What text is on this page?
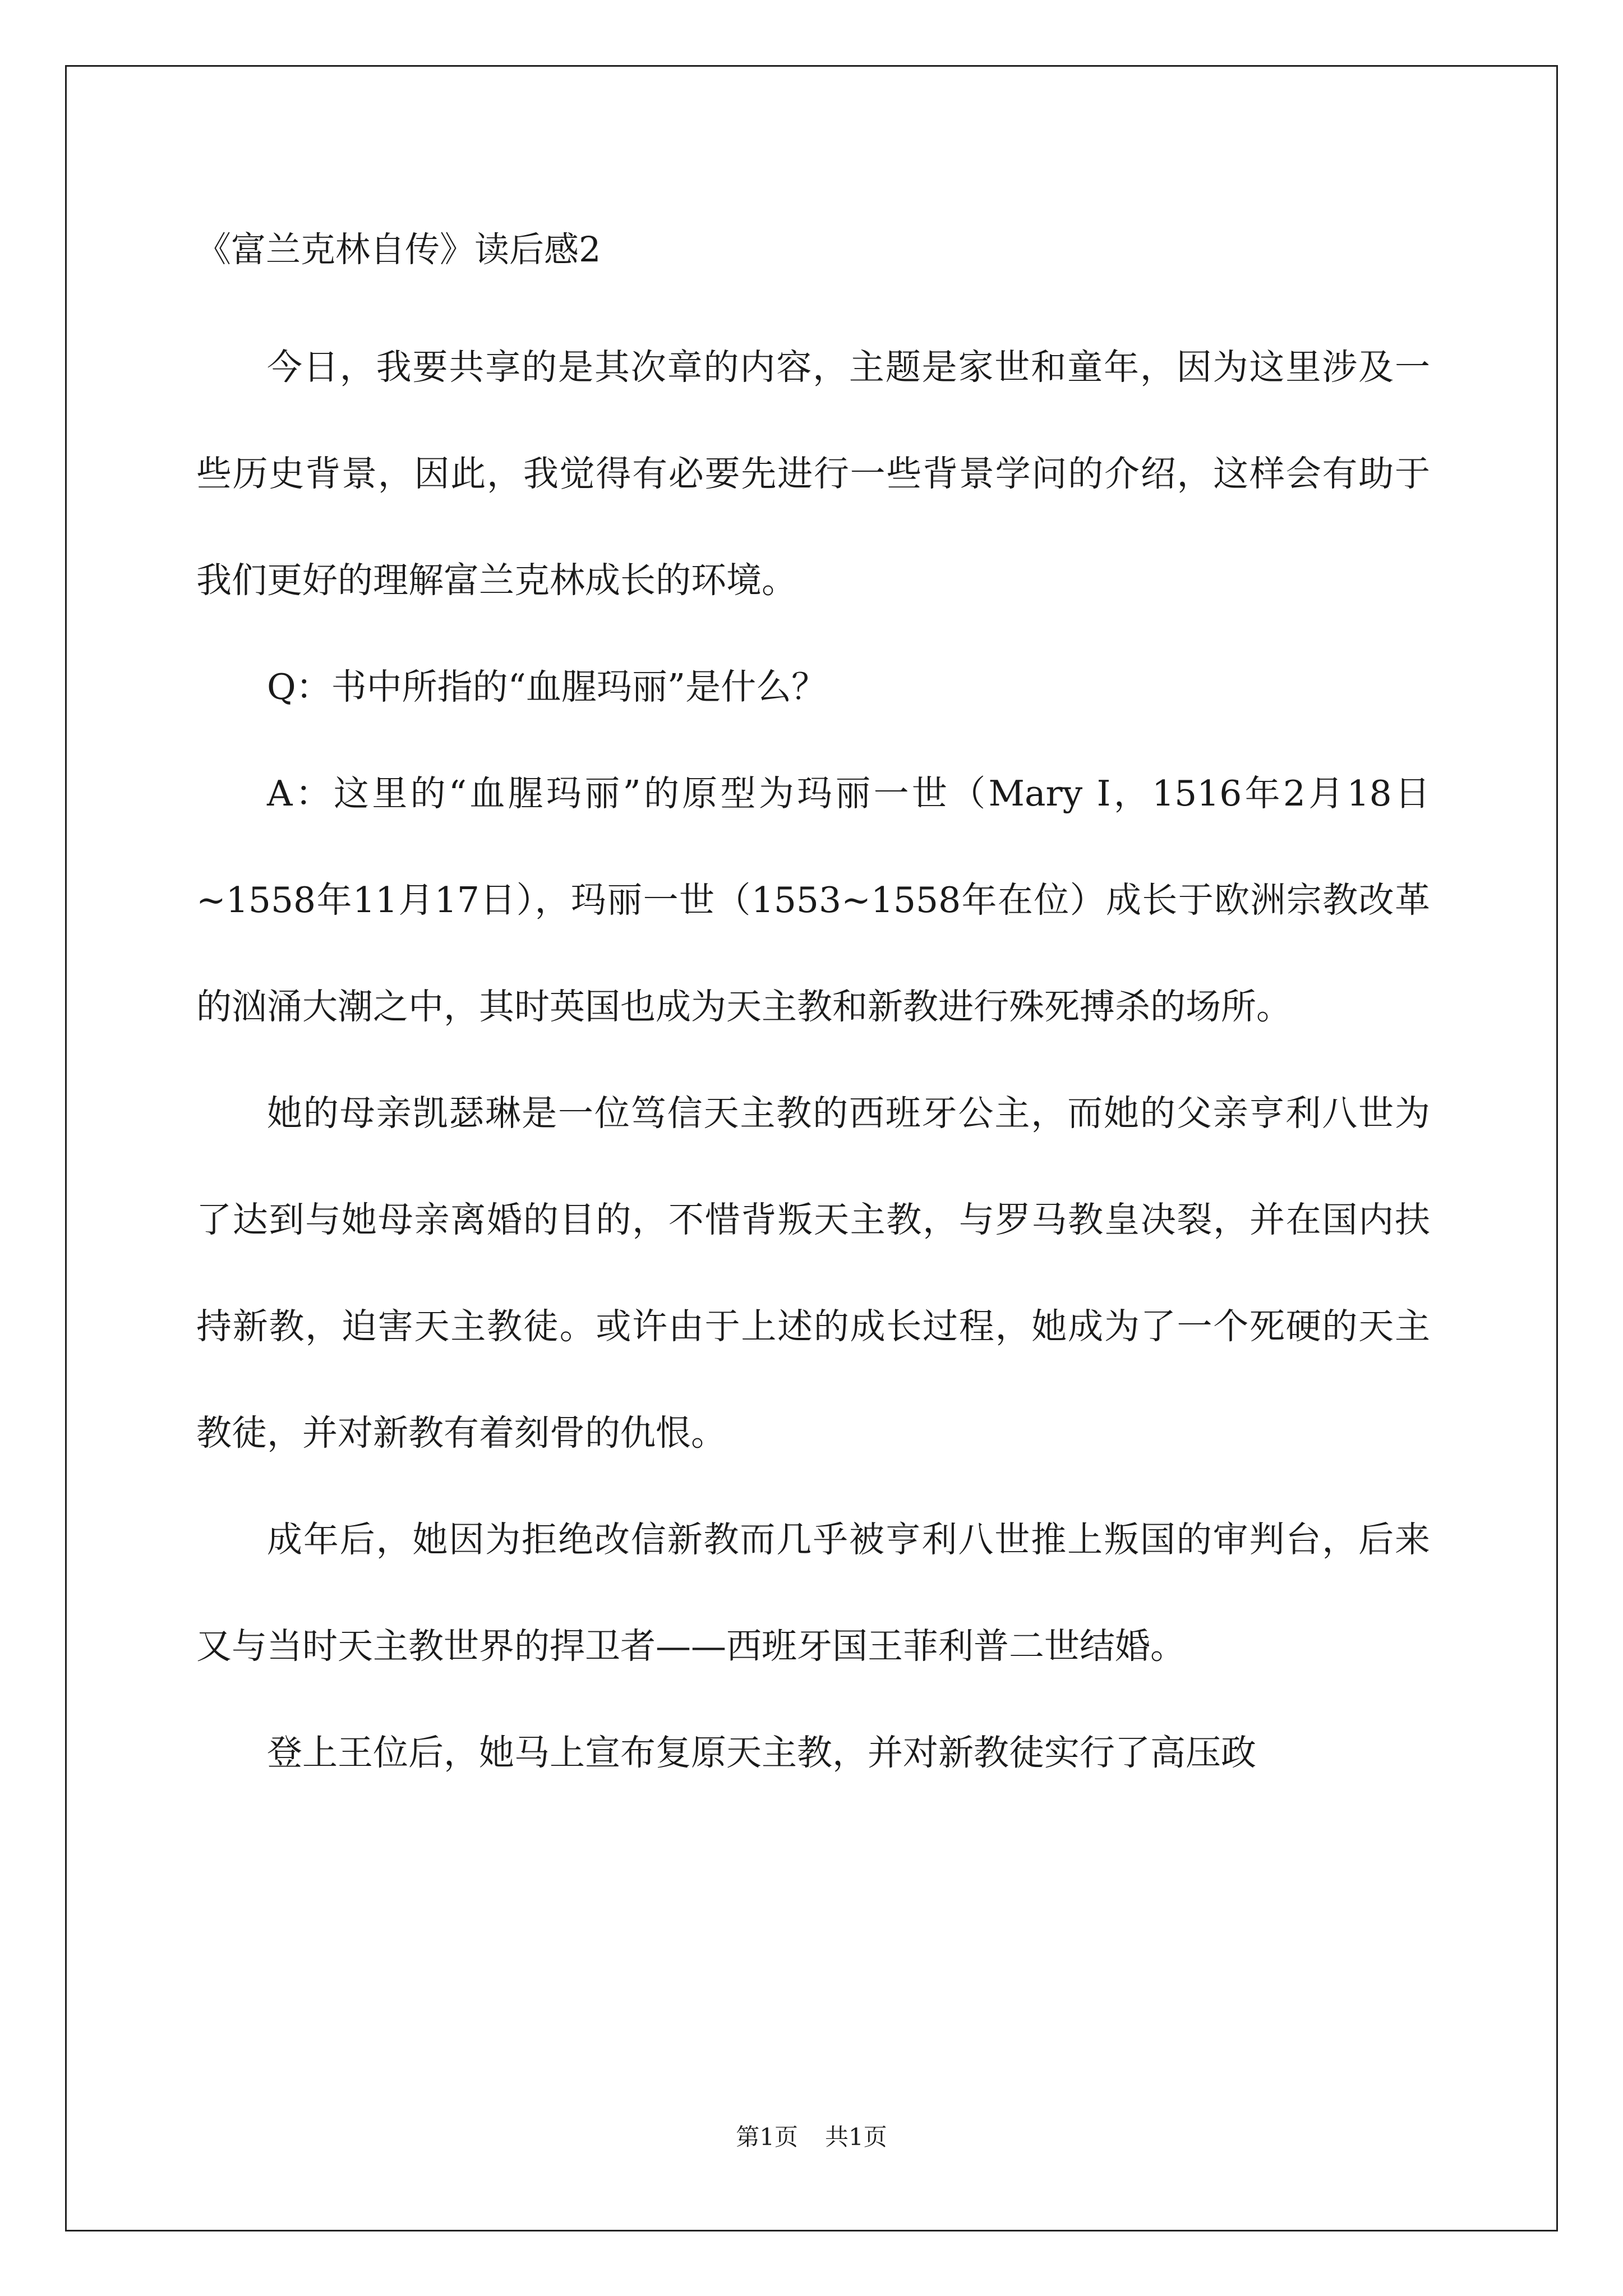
《富兰克林自传》读后感2

今日，我要共享的是其次章的内容，主题是家世和童年，因为这里涉及一些历史背景，因此，我觉得有必要先进行一些背景学问的介绍，这样会有助于我们更好的理解富兰克林成长的环境。

Q：书中所指的“血腥玛丽”是什么？

A：这里的“血腥玛丽”的原型为玛丽一世（Mary I，1516年2月18日~1558年11月17日），玛丽一世（1553~1558年在位）成长于欧洲宗教改革的汹涌大潮之中，其时英国也成为天主教和新教进行殊死搏杀的场所。

她的母亲凯瑟琳是一位笃信天主教的西班牙公主，而她的父亲亨利八世为了达到与她母亲离婚的目的，不惜背叛天主教，与罗马教皇决裂，并在国内扶持新教，迫害天主教徒。或许由于上述的成长过程，她成为了一个死硬的天主教徒，并对新教有着刻骨的仇恨。

成年后，她因为拒绝改信新教而几乎被亨利八世推上叛国的审判台，后来又与当时天主教世界的捍卫者——西班牙国王菲利普二世结婚。

登上王位后，她马上宣布复原天主教，并对新教徒实行了高压政

第1页 共1页
